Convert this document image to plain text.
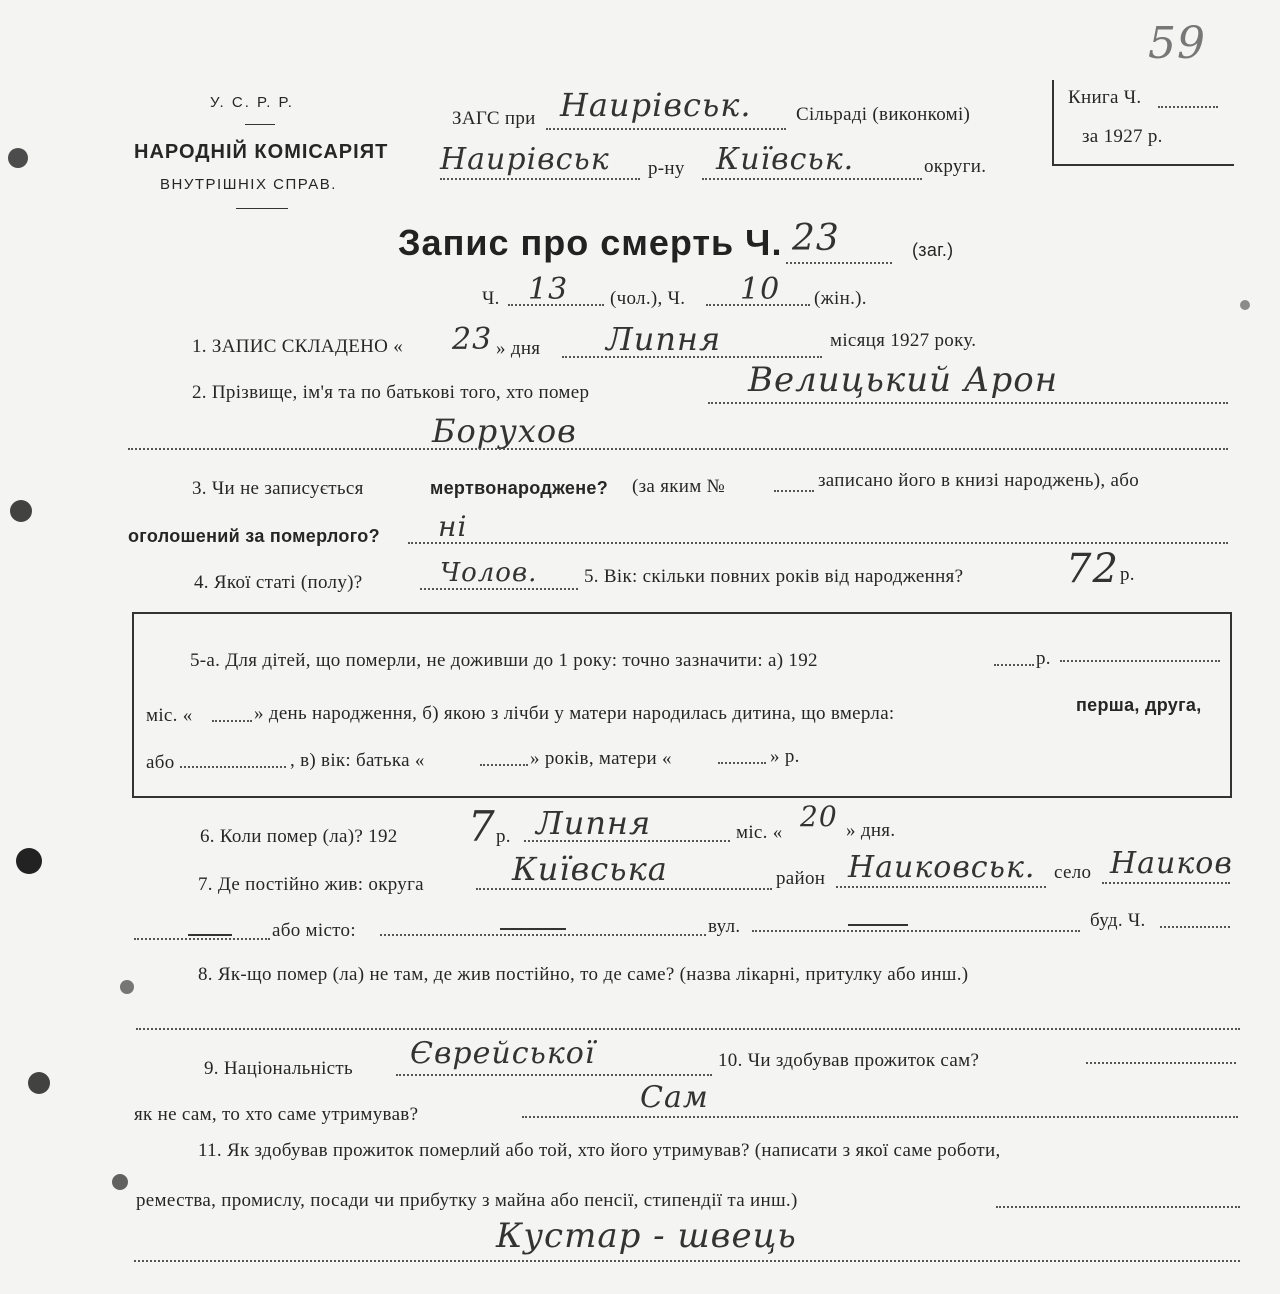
59
У. С. Р. Р.
НАРОДНІЙ КОМІСАРІЯТ
ВНУТРІШНІХ СПРАВ.
ЗАГС при Наирівськ. Сільраді (виконкомі)
Наирівськ р-ну Київськ.	округи.
Книга Ч.
за 1927 р.
Запис про смерть Ч. 23	(заг.)
Ч. 13 (чол.), Ч. 10 (жін.).
1. ЗАПИС СКЛАДЕНО « 23 » дня Липня	місяця 1927 року.
2. Прізвище, ім'я та по батькові того, хто помер	Велицький Арон
Борухов
3. Чи не записується	мертвонароджене? (за яким №	записано його в книзі народжень), або
оголошений за померлого? ні
4. Якої статі (полу)?	Чолов. 5. Вік: скільки повних років від народження?	72 р.
5-а. Для дітей, що померли, не доживши до 1 року: точно зазначити: а) 192	р.
міс. «	» день народження, б) якою з лічби у матери народилась дитина, що вмерла:	перша, друга,
або	, в) вік: батька «	» років, матери «	» р.
6. Коли помер (ла)? 192 7 р. Липня	міс. « 20 » дня.
7. Де постійно жив: округа	Київська	район Наиковськ. село Наиков
або місто:	вул.	буд. Ч.
8. Як-що помер (ла) не там, де жив постійно, то де саме? (назва лікарні, притулку або инш.)
9. Національність Єврейської	10. Чи здобував прожиток сам?
як не сам, то хто саме утримував?	Сам
11. Як здобував прожиток померлий або той, хто його утримував? (написати з якої саме роботи,
ремества, промислу, посади чи прибутку з майна або пенсії, стипендії та инш.)
Кустар - швець
